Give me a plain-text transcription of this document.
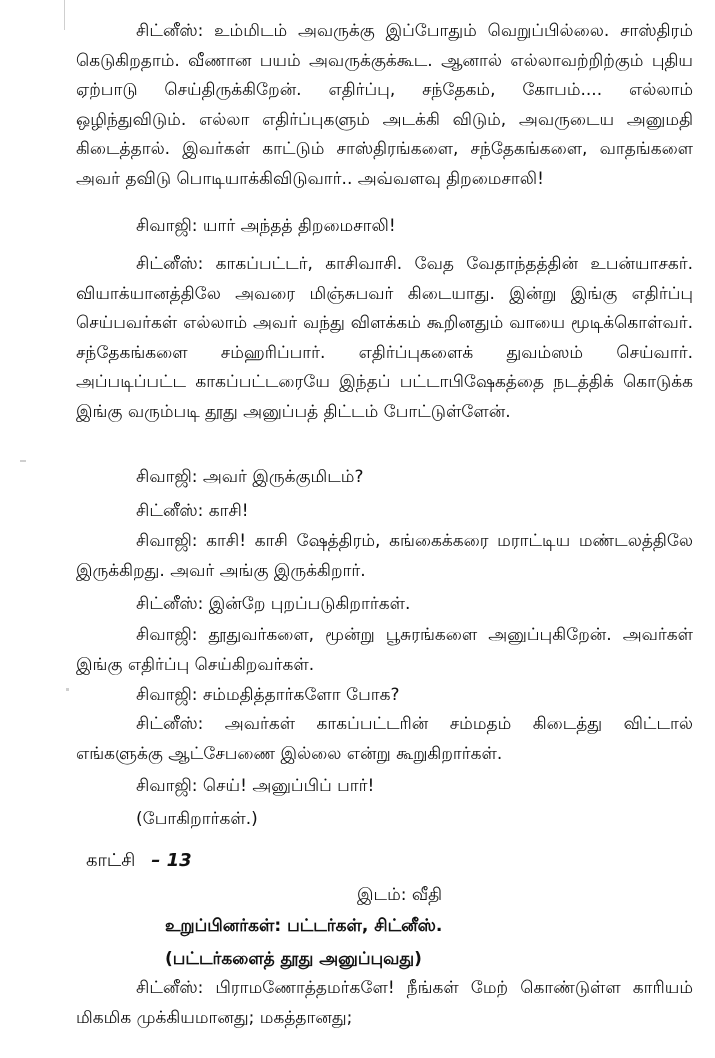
சிட்னீஸ்: உம்மிடம் அவருக்கு இப்போதும் வெறுப்பில்லை. சாஸ்திரம் கெடுகிறதாம். வீணான பயம் அவருக்குக்கூட. ஆனால் எல்லாவற்றிற்கும் புதிய ஏற்பாடு செய்திருக்கிறேன். எதிர்ப்பு, சந்தேகம், கோபம்.... எல்லாம் ஒழிந்துவிடும். எல்லா எதிர்ப்புகளும் அடக்கி விடும், அவருடைய அனுமதி கிடைத்தால். இவர்கள் காட்டும் சாஸ்திரங்களை, சந்தேகங்களை, வாதங்களை அவர் தவிடு பொடியாக்கிவிடுவார்.. அவ்வளவு திறமைசாலி!
சிவாஜி: யார் அந்தத் திறமைசாலி!
சிட்னீஸ்: காகப்பட்டர், காசிவாசி. வேத வேதாந்தத்தின் உபன்யாசகர். வியாக்யானத்திலே அவரை மிஞ்சுபவர் கிடையாது. இன்று இங்கு எதிர்ப்பு செய்பவர்கள் எல்லாம் அவர் வந்து விளக்கம் கூறினதும் வாயை மூடிக்கொள்வர். சந்தேகங்களை சம்ஹரிப்பார். எதிர்ப்புகளைக் துவம்ஸம் செய்வார். அப்படிப்பட்ட காகப்பட்டரையே இந்தப் பட்டாபிஷேகத்தை நடத்திக் கொடுக்க இங்கு வரும்படி தூது அனுப்பத் திட்டம் போட்டுள்ளேன்.
சிவாஜி: அவர் இருக்குமிடம்?
சிட்னீஸ்: காசி!
சிவாஜி: காசி! காசி ஷேத்திரம், கங்கைக்கரை மராட்டிய மண்டலத்திலே இருக்கிறது. அவர் அங்கு இருக்கிறார்.
சிட்னீஸ்: இன்றே புறப்படுகிறார்கள்.
சிவாஜி: தூதுவர்களை, மூன்று பூசுரங்களை அனுப்புகிறேன். அவர்கள் இங்கு எதிர்ப்பு செய்கிறவர்கள்.
சிவாஜி: சம்மதித்தார்களோ போக?
சிட்னீஸ்: அவர்கள் காகப்பட்டரின் சம்மதம் கிடைத்து விட்டால் எங்களுக்கு ஆட்சேபணை இல்லை என்று கூறுகிறார்கள்.
சிவாஜி: செய்! அனுப்பிப் பார்!
(போகிறார்கள்.)
காட்சி – 13
இடம்: வீதி
உறுப்பினர்கள்: பட்டர்கள், சிட்னீஸ்.
(பட்டர்களைத் தூது அனுப்புவது)
சிட்னீஸ்: பிராமணோத்தமர்களே! நீங்கள் மேற் கொண்டுள்ள காரியம் மிகமிக முக்கியமானது; மகத்தானது;
